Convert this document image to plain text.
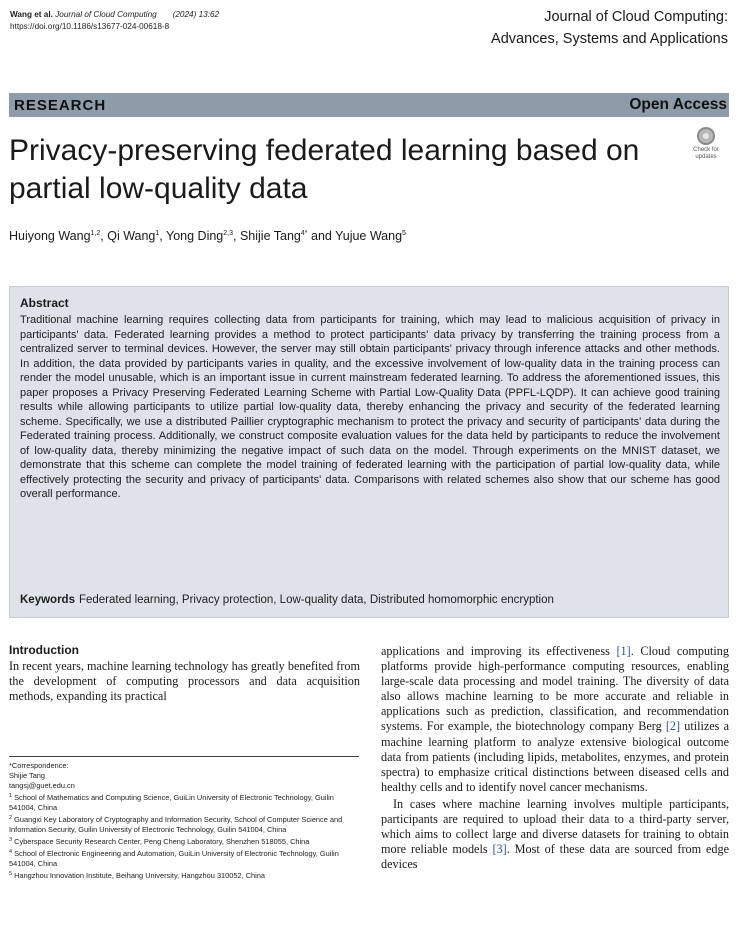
Wang et al. Journal of Cloud Computing (2024) 13:62
https://doi.org/10.1186/s13677-024-00618-8
Journal of Cloud Computing:
Advances, Systems and Applications
RESEARCH	Open Access
Privacy-preserving federated learning based on partial low-quality data
Check for
updates
Huiyong Wang$^{1,2}$, Qi Wang$^1$, Yong Ding$^{2,3}$, Shijie Tang$^{4*}$ and Yujue Wang$^5$
Abstract
Traditional machine learning requires collecting data from participants for training, which may lead to malicious acquisition of privacy in participants' data. Federated learning provides a method to protect participants' data privacy by transferring the training process from a centralized server to terminal devices. However, the server may still obtain participants' privacy through inference attacks and other methods. In addition, the data provided by participants varies in quality, and the excessive involvement of low-quality data in the training process can render the model unusable, which is an important issue in current mainstream federated learning. To address the aforementioned issues, this paper proposes a Privacy Preserving Federated Learning Scheme with Partial Low-Quality Data (PPFL-LQDP). It can achieve good training results while allowing participants to utilize partial low-quality data, thereby enhancing the privacy and security of the federated learning scheme. Specifically, we use a distributed Paillier cryptographic mechanism to protect the privacy and security of participants' data during the Federated training process. Additionally, we construct composite evaluation values for the data held by participants to reduce the involvement of low-quality data, thereby minimizing the negative impact of such data on the model. Through experiments on the MNIST dataset, we demonstrate that this scheme can complete the model training of federated learning with the participation of partial low-quality data, while effectively protecting the security and privacy of participants' data. Comparisons with related schemes also show that our scheme has good overall performance.
Keywords Federated learning, Privacy protection, Low-quality data, Distributed homomorphic encryption
Introduction

In recent years, machine learning technology has greatly benefited from the development of computing processors and data acquisition methods, expanding its practical

applications and improving its effectiveness [1]. Cloud computing platforms provide high-performance computing resources, enabling large-scale data processing and model training. The diversity of data also allows machine learning to be more accurate and reliable in applications such as prediction, classification, and recommendation systems. For example, the biotechnology company Berg [2] utilizes a machine learning platform to analyze extensive biological outcome data from patients (including lipids, metabolites, enzymes, and protein spectra) to emphasize critical distinctions between diseased cells and healthy cells and to identify novel cancer mechanisms.

In cases where machine learning involves multiple participants, participants are required to upload their data to a third-party server, which aims to collect large and diverse datasets for training to obtain more reliable models [3]. Most of these data are sourced from edge devices

*Correspondence:
Shijie Tang
tangsj@guet.edu.cn
$^1$ School of Mathematics and Computing Science, GuiLin University of Electronic Technology, Guilin 541004, China
$^2$ Guangxi Key Laboratory of Cryptography and Information Security, School of Computer Science and Information Security, Guilin University of Electronic Technology, Guilin 541004, China
$^3$ Cyberspace Security Research Center, Peng Cheng Laboratory, Shenzhen 518055, China
$^4$ School of Electronic Engineering and Automation, GuiLin University of Electronic Technology, Guilin 541004, China
$^5$ Hangzhou Innovation Institute, Beihang University, Hangzhou 310052, China
